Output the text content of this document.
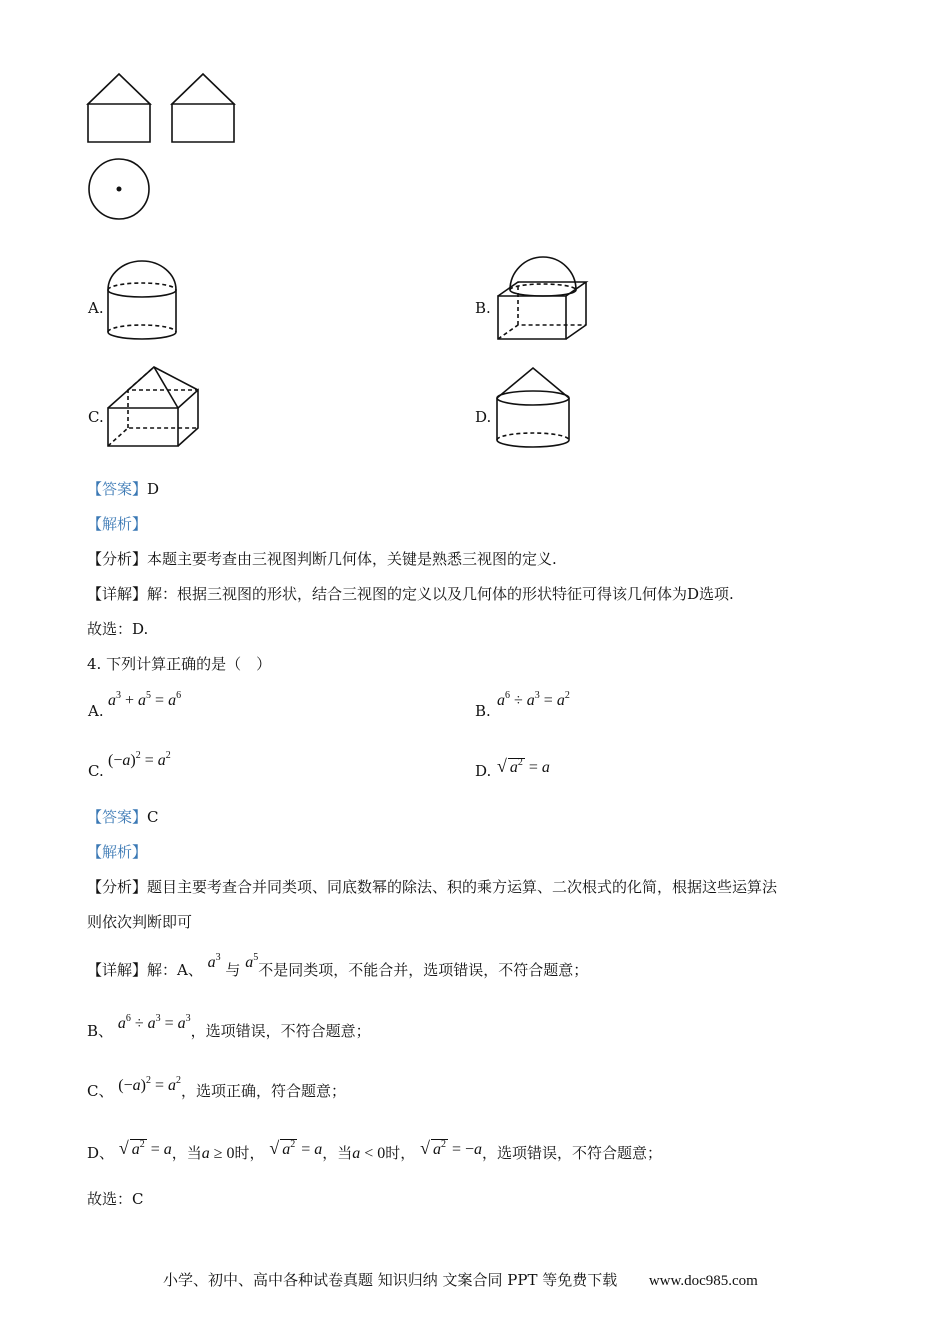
A.	B.
C.	D.
【答案】D
【解析】
【分析】本题主要考查由三视图判断几何体，关键是熟悉三视图的定义.
【详解】解：根据三视图的形状，结合三视图的定义以及几何体的形状特征可得该几何体为D选项.
故选：D.
4. 下列计算正确的是（　）
A.
$a^3 + a^5 = a^6$
B.
$a^6 \div a^3 = a^2$
C.
$(-a)^2 = a^2$
D. √ $a^2 = a$
【答案】C
【解析】
【分析】题目主要考查合并同类项、同底数幂的除法、积的乘方运算、二次根式的化简，根据这些运算法
则依次判断即可
【详解】解：A、 $a^3$ 与 $a^5$不是同类项，不能合并，选项错误，不符合题意；
B、 $a^6 \div a^3 = a^3$，选项错误，不符合题意；
C、 $(-a)^2 = a^2$，选项正确，符合题意；
D、 √ $a^2 = a$，当a ≥ 0时， √ $a^2 = a$，当a < 0时， √ $a^2 = -a$，选项错误，不符合题意；
故选：C
小学、初中、高中各种试卷真题 知识归纳 文案合同 PPT 等免费下载 www.doc985.com
